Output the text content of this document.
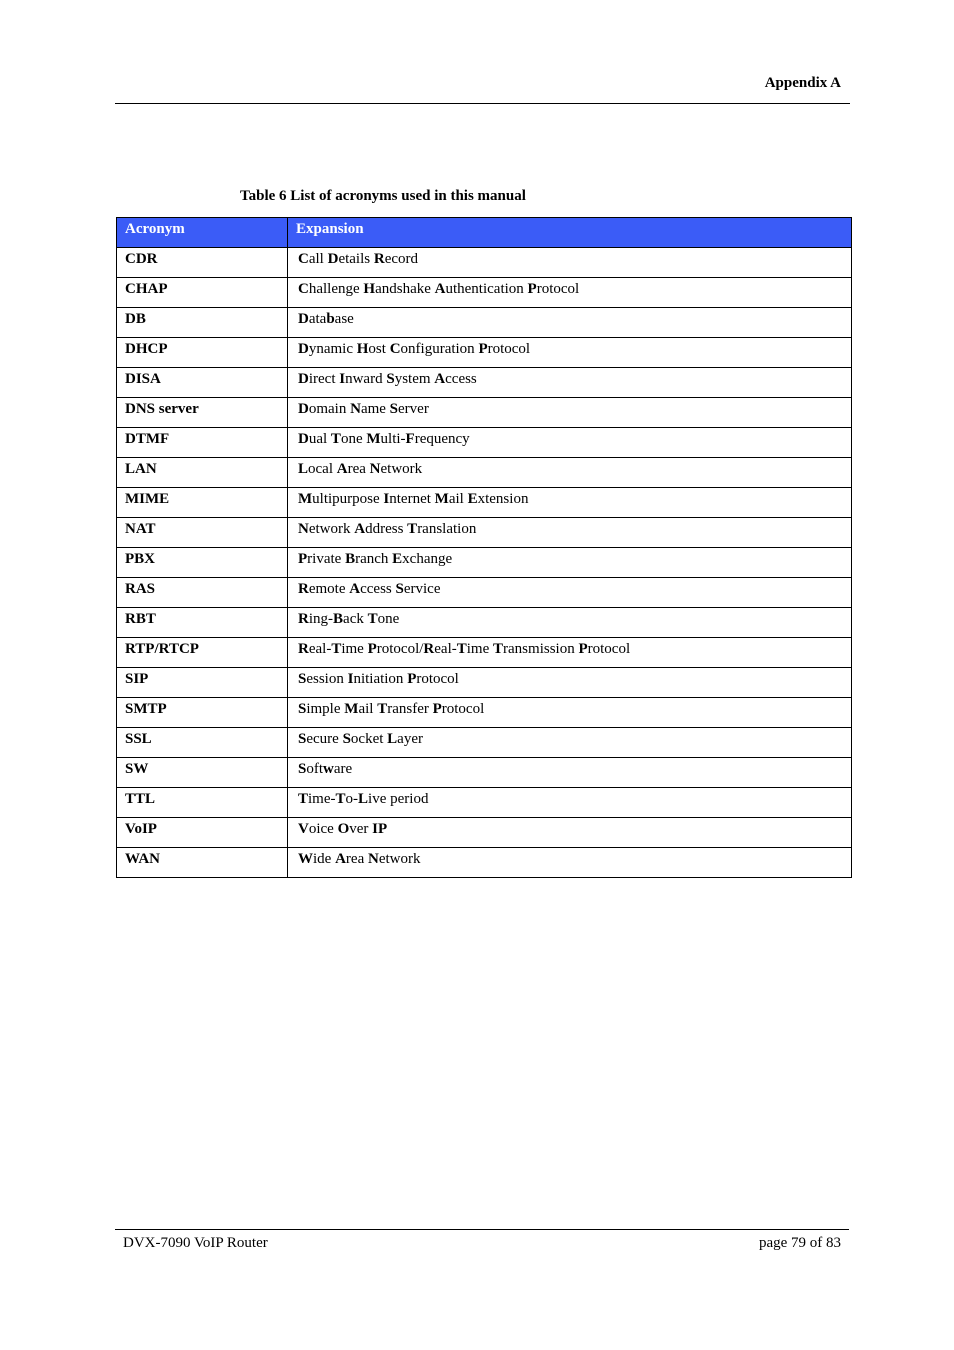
Appendix A
Table 6 List of acronyms used in this manual
Acronym	Expansion
CDR	Call Details Record
CHAP	Challenge Handshake Authentication Protocol
DB	Database
DHCP	Dynamic Host Configuration Protocol
DISA	Direct Inward System Access
DNS server	Domain Name Server
DTMF	Dual Tone Multi-Frequency
LAN	Local Area Network
MIME	Multipurpose Internet Mail Extension
NAT	Network Address Translation
PBX	Private Branch Exchange
RAS	Remote Access Service
RBT	Ring-Back Tone
RTP/RTCP	Real-Time Protocol/Real-Time Transmission Protocol
SIP	Session Initiation Protocol
SMTP	Simple Mail Transfer Protocol
SSL	Secure Socket Layer
SW	Software
TTL	Time-To-Live period
VoIP	Voice Over IP
WAN	Wide Area Network
DVX-7090 VoIP Router	page 79 of 83
